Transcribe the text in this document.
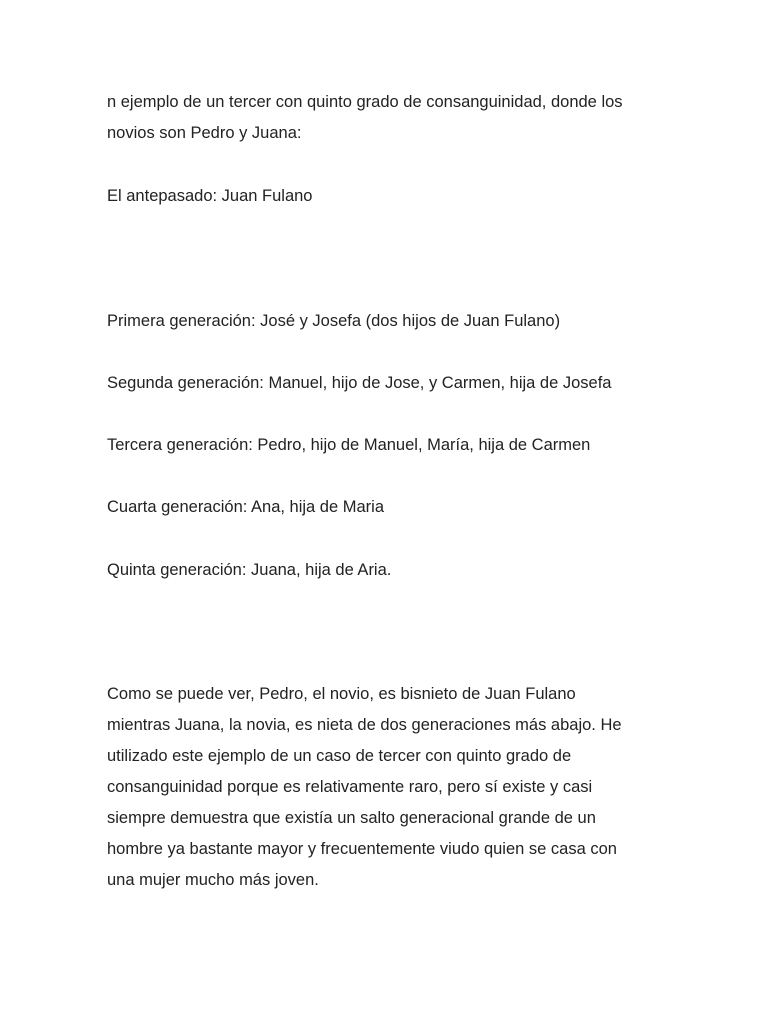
n ejemplo de un tercer con quinto grado de consanguinidad, donde los
novios son Pedro y Juana:

El antepasado: Juan Fulano

Primera generación: José y Josefa (dos hijos de Juan Fulano)

Segunda generación: Manuel, hijo de Jose, y Carmen, hija de Josefa

Tercera generación: Pedro, hijo de Manuel, María, hija de Carmen

Cuarta generación: Ana, hija de Maria

Quinta generación: Juana, hija de Aria.

Como se puede ver, Pedro, el novio, es bisnieto de Juan Fulano
mientras Juana, la novia, es nieta de dos generaciones más abajo. He
utilizado este ejemplo de un caso de tercer con quinto grado de
consanguinidad porque es relativamente raro, pero sí existe y casi
siempre demuestra que existía un salto generacional grande de un
hombre ya bastante mayor y frecuentemente viudo quien se casa con
una mujer mucho más joven.
